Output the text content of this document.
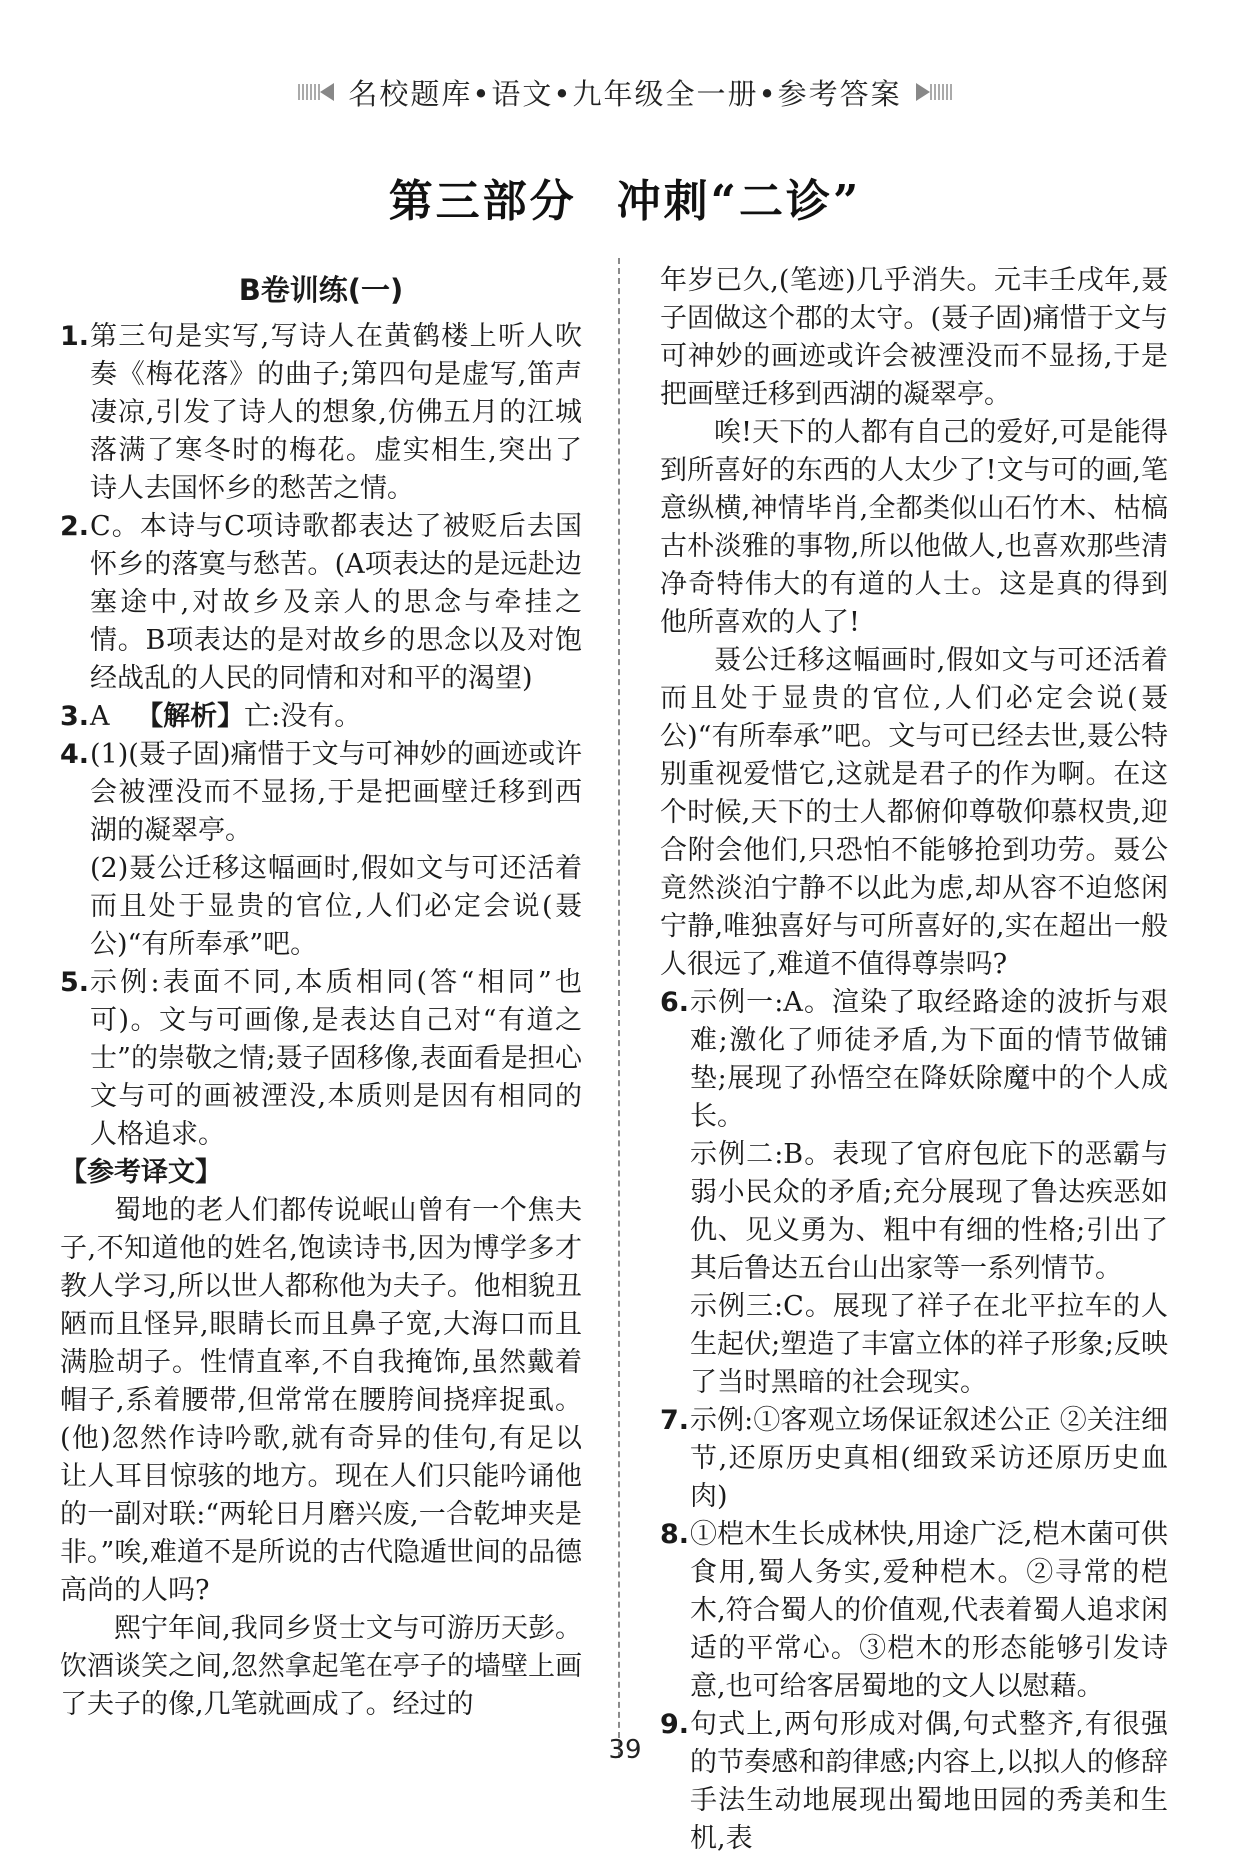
名校题库•语文•九年级全一册•参考答案
第三部分 冲刺“二诊”
B卷训练(一)
1. 第三句是实写,写诗人在黄鹤楼上听人吹奏《梅花落》的曲子;第四句是虚写,笛声凄凉,引发了诗人的想象,仿佛五月的江城落满了寒冬时的梅花。虚实相生,突出了诗人去国怀乡的愁苦之情。
2. C。本诗与C项诗歌都表达了被贬后去国怀乡的落寞与愁苦。(A项表达的是远赴边塞途中,对故乡及亲人的思念与牵挂之情。B项表达的是对故乡的思念以及对饱经战乱的人民的同情和对和平的渴望)
3. A 【解析】亡:没有。
4. (1)(聂子固)痛惜于文与可神妙的画迹或许会被湮没而不显扬,于是把画壁迁移到西湖的凝翠亭。

(2)聂公迁移这幅画时,假如文与可还活着而且处于显贵的官位,人们必定会说(聂公)“有所奉承”吧。

5. 示例:表面不同,本质相同(答“相同”也可)。文与可画像,是表达自己对“有道之士”的崇敬之情;聂子固移像,表面看是担心文与可的画被湮没,本质则是因有相同的人格追求。
【参考译文】

蜀地的老人们都传说岷山曾有一个焦夫子,不知道他的姓名,饱读诗书,因为博学多才教人学习,所以世人都称他为夫子。他相貌丑陋而且怪异,眼睛长而且鼻子宽,大海口而且满脸胡子。性情直率,不自我掩饰,虽然戴着帽子,系着腰带,但常常在腰胯间挠痒捉虱。(他)忽然作诗吟歌,就有奇异的佳句,有足以让人耳目惊骇的地方。现在人们只能吟诵他的一副对联:“两轮日月磨兴废,一合乾坤夹是非。”唉,难道不是所说的古代隐遁世间的品德高尚的人吗?

熙宁年间,我同乡贤士文与可游历天彭。饮酒谈笑之间,忽然拿起笔在亭子的墙壁上画了夫子的像,几笔就画成了。经过的

年岁已久,(笔迹)几乎消失。元丰壬戌年,聂子固做这个郡的太守。(聂子固)痛惜于文与可神妙的画迹或许会被湮没而不显扬,于是把画壁迁移到西湖的凝翠亭。

唉!天下的人都有自己的爱好,可是能得到所喜好的东西的人太少了!文与可的画,笔意纵横,神情毕肖,全都类似山石竹木、枯槁古朴淡雅的事物,所以他做人,也喜欢那些清净奇特伟大的有道的人士。这是真的得到他所喜欢的人了!

聂公迁移这幅画时,假如文与可还活着而且处于显贵的官位,人们必定会说(聂公)“有所奉承”吧。文与可已经去世,聂公特别重视爱惜它,这就是君子的作为啊。在这个时候,天下的士人都俯仰尊敬仰慕权贵,迎合附会他们,只恐怕不能够抢到功劳。聂公竟然淡泊宁静不以此为虑,却从容不迫悠闲宁静,唯独喜好与可所喜好的,实在超出一般人很远了,难道不值得尊崇吗?

6. 示例一:A。渲染了取经路途的波折与艰难;激化了师徒矛盾,为下面的情节做铺垫;展现了孙悟空在降妖除魔中的个人成长。

示例二:B。表现了官府包庇下的恶霸与弱小民众的矛盾;充分展现了鲁达疾恶如仇、见义勇为、粗中有细的性格;引出了其后鲁达五台山出家等一系列情节。

示例三:C。展现了祥子在北平拉车的人生起伏;塑造了丰富立体的祥子形象;反映了当时黑暗的社会现实。

7. 示例:①客观立场保证叙述公正 ②关注细节,还原历史真相(细致采访还原历史血肉)
8. ①桤木生长成林快,用途广泛,桤木菌可供食用,蜀人务实,爱种桤木。②寻常的桤木,符合蜀人的价值观,代表着蜀人追求闲适的平常心。③桤木的形态能够引发诗意,也可给客居蜀地的文人以慰藉。
9. 句式上,两句形成对偶,句式整齐,有很强的节奏感和韵律感;内容上,以拟人的修辞手法生动地展现出蜀地田园的秀美和生机,表
39
